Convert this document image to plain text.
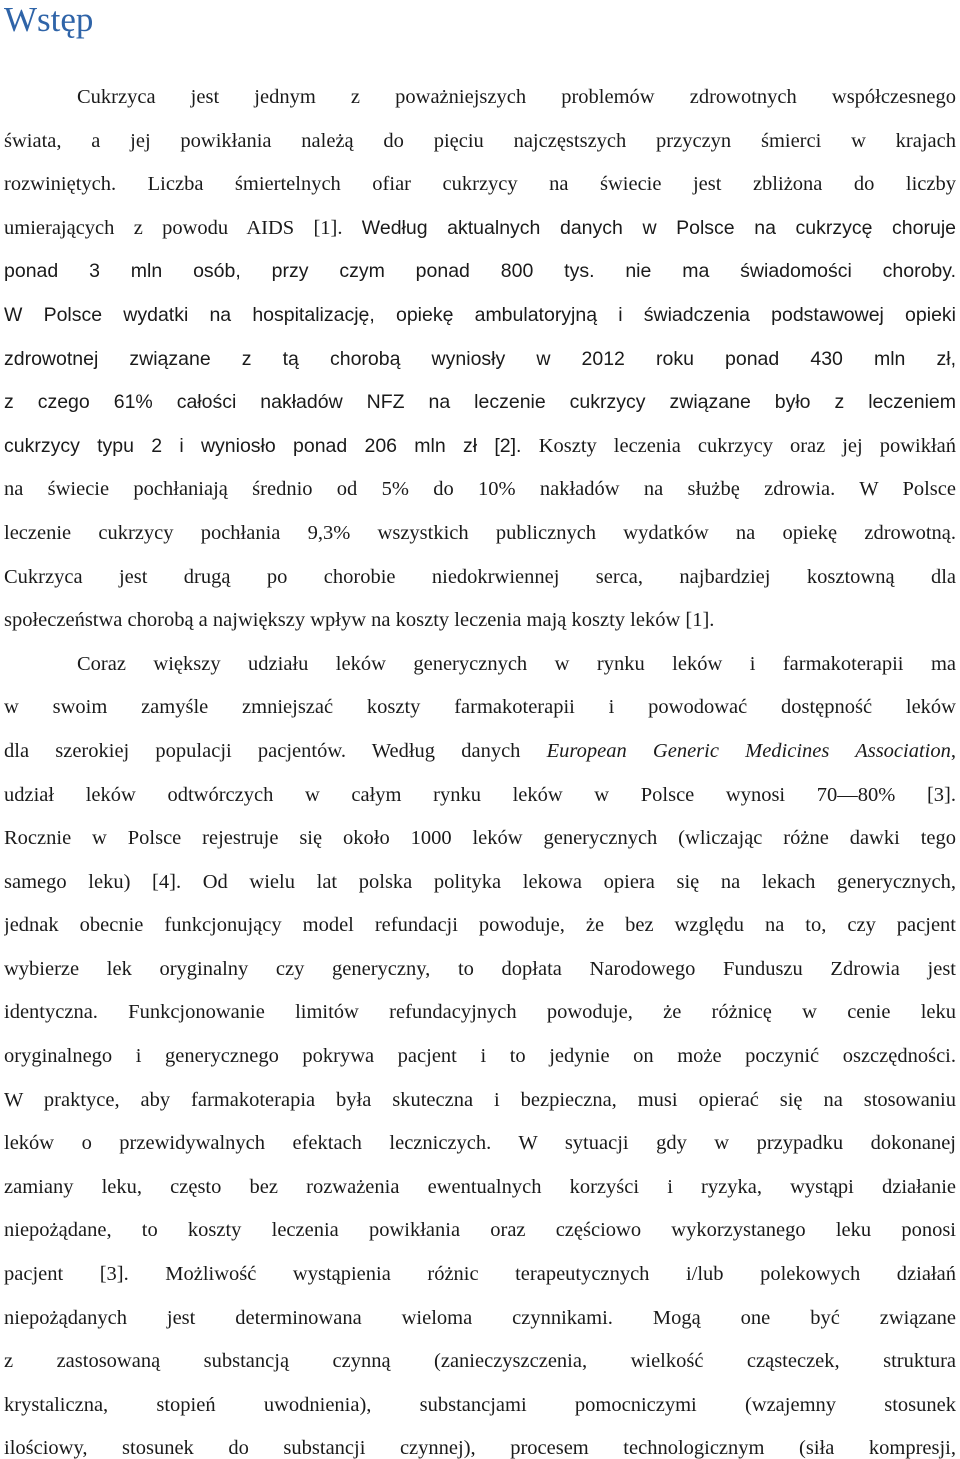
Wstęp
Cukrzyca jest jednym z poważniejszych problemów zdrowotnych współczesnego
świata, a jej powikłania należą do pięciu najczęstszych przyczyn śmierci w krajach
rozwiniętych. Liczba śmiertelnych ofiar cukrzycy na świecie jest zbliżona do liczby
umierających z powodu AIDS [1]. Według aktualnych danych w Polsce na cukrzycę choruje
ponad 3 mln osób, przy czym ponad 800 tys. nie ma świadomości choroby.
W Polsce wydatki na hospitalizację, opiekę ambulatoryjną i świadczenia podstawowej opieki
zdrowotnej związane z tą chorobą wyniosły w 2012 roku ponad 430 mln zł,
z czego 61% całości nakładów NFZ na leczenie cukrzycy związane było z leczeniem
cukrzycy typu 2 i wyniosło ponad 206 mln zł [2]. Koszty leczenia cukrzycy oraz jej powikłań
na świecie pochłaniają średnio od 5% do 10% nakładów na służbę zdrowia. W Polsce
leczenie cukrzycy pochłania 9,3% wszystkich publicznych wydatków na opiekę zdrowotną.
Cukrzyca jest drugą po chorobie niedokrwiennej serca, najbardziej kosztowną dla
społeczeństwa chorobą a największy wpływ na koszty leczenia mają koszty leków [1].
Coraz większy udziału leków generycznych w rynku leków i farmakoterapii ma
w swoim zamyśle zmniejszać koszty farmakoterapii i powodować dostępność leków
dla szerokiej populacji pacjentów. Według danych European Generic Medicines Association,
udział leków odtwórczych w całym rynku leków w Polsce wynosi 70—80% [3].
Rocznie w Polsce rejestruje się około 1000 leków generycznych (wliczając różne dawki tego
samego leku) [4]. Od wielu lat polska polityka lekowa opiera się na lekach generycznych,
jednak obecnie funkcjonujący model refundacji powoduje, że bez względu na to, czy pacjent
wybierze lek oryginalny czy generyczny, to dopłata Narodowego Funduszu Zdrowia jest
identyczna. Funkcjonowanie limitów refundacyjnych powoduje, że różnicę w cenie leku
oryginalnego i generycznego pokrywa pacjent i to jedynie on może poczynić oszczędności.
W praktyce, aby farmakoterapia była skuteczna i bezpieczna, musi opierać się na stosowaniu
leków o przewidywalnych efektach leczniczych. W sytuacji gdy w przypadku dokonanej
zamiany leku, często bez rozważenia ewentualnych korzyści i ryzyka, wystąpi działanie
niepożądane, to koszty leczenia powikłania oraz częściowo wykorzystanego leku ponosi
pacjent [3]. Możliwość wystąpienia różnic terapeutycznych i/lub polekowych działań
niepożądanych jest determinowana wieloma czynnikami. Mogą one być związane
z zastosowaną substancją czynną (zanieczyszczenia, wielkość cząsteczek, struktura
krystaliczna, stopień uwodnienia), substancjami pomocniczymi (wzajemny stosunek
ilościowy, stosunek do substancji czynnej), procesem technologicznym (siła kompresji,
